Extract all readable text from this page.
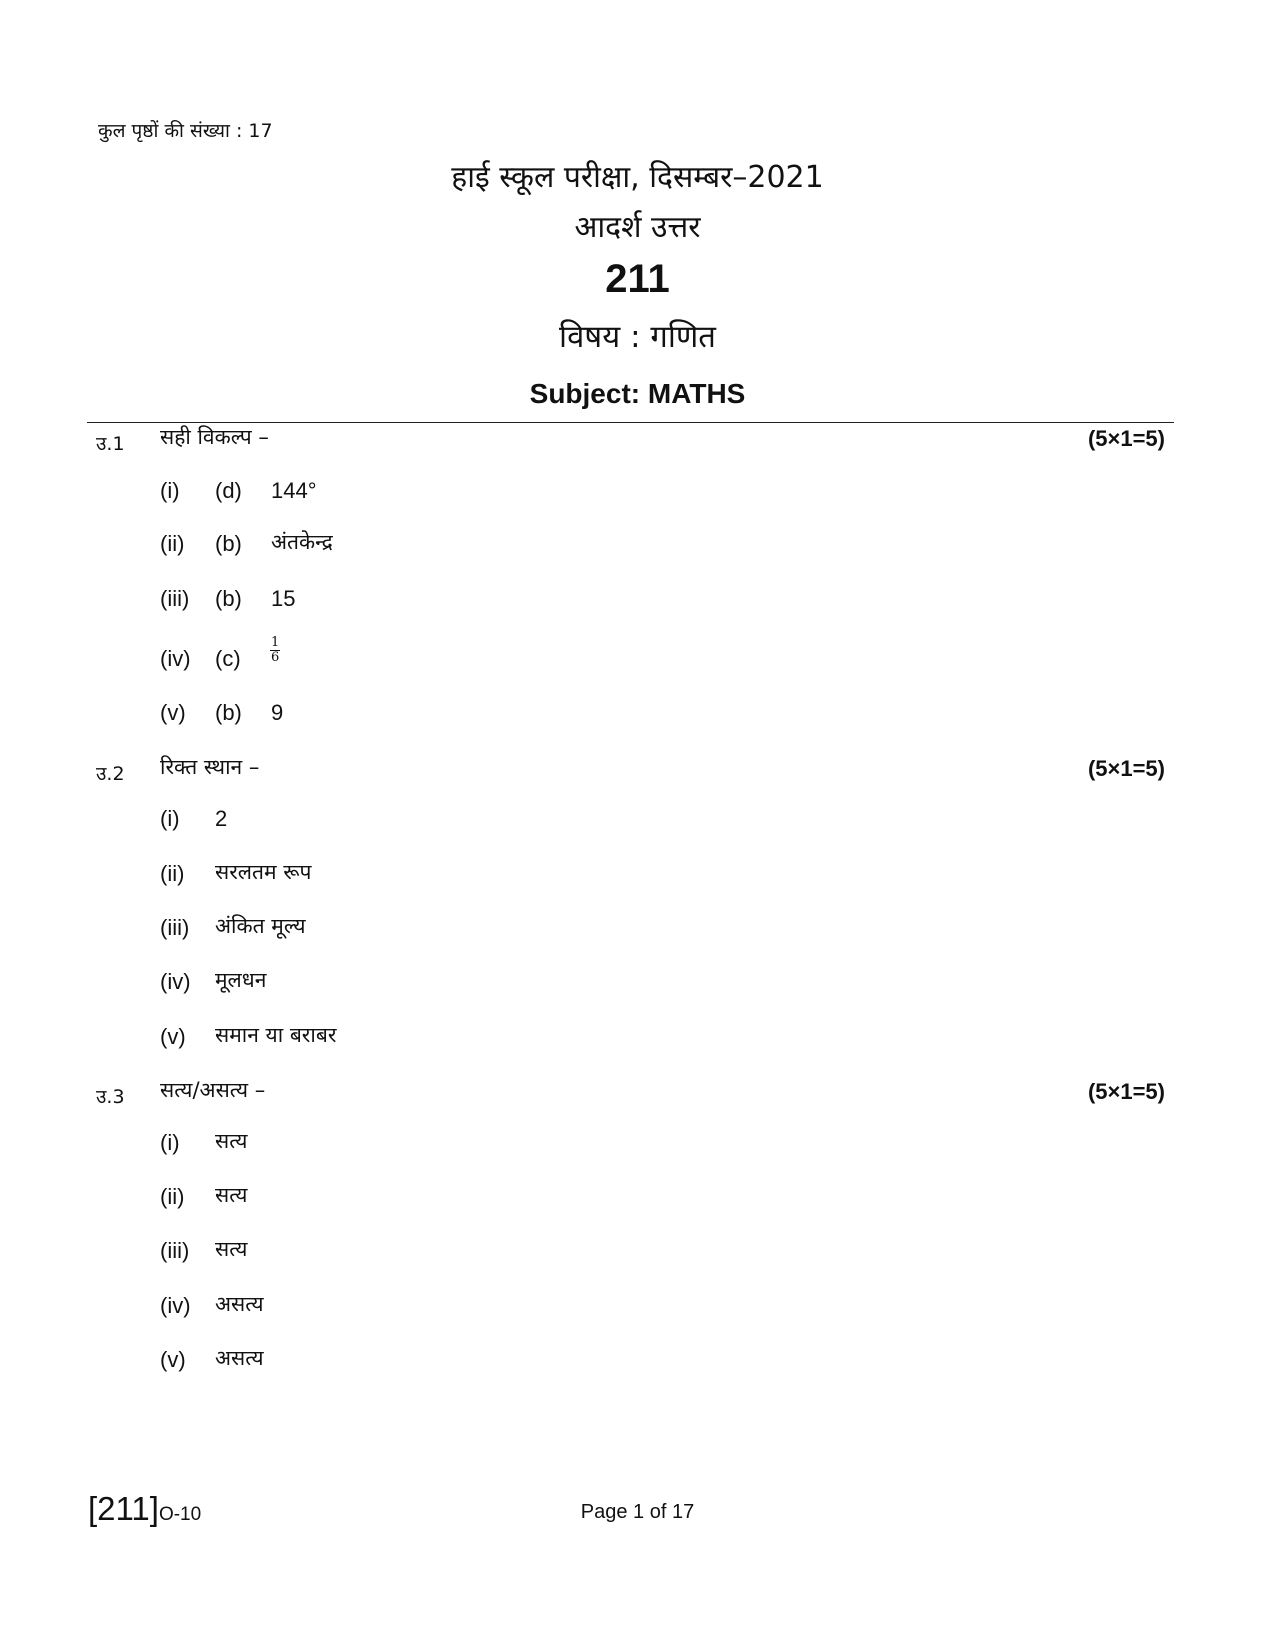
कुल पृष्ठों की संख्या : 17
हाई स्कूल परीक्षा, दिसम्बर–2021
आदर्श उत्तर
211
विषय : गणित
Subject: MATHS
उ.1 सही विकल्प –	(5×1=5)
(i) (d) 144°
(ii) (b) अंतकेन्द्र
(iii) (b) 15
(iv) $(c) \frac{1}{6}$
(v) (b) 9
उ.2 रिक्त स्थान –	(5×1=5)
(i) 2
(ii) सरलतम रूप
(iii) अंकित मूल्य
(iv) मूलधन
(v) समान या बराबर
उ.3 सत्य/असत्य –	(5×1=5)
(i) सत्य
(ii) सत्य
(iii) सत्य
(iv) असत्य
(v) असत्य
[211]O-10	Page 1 of 17
